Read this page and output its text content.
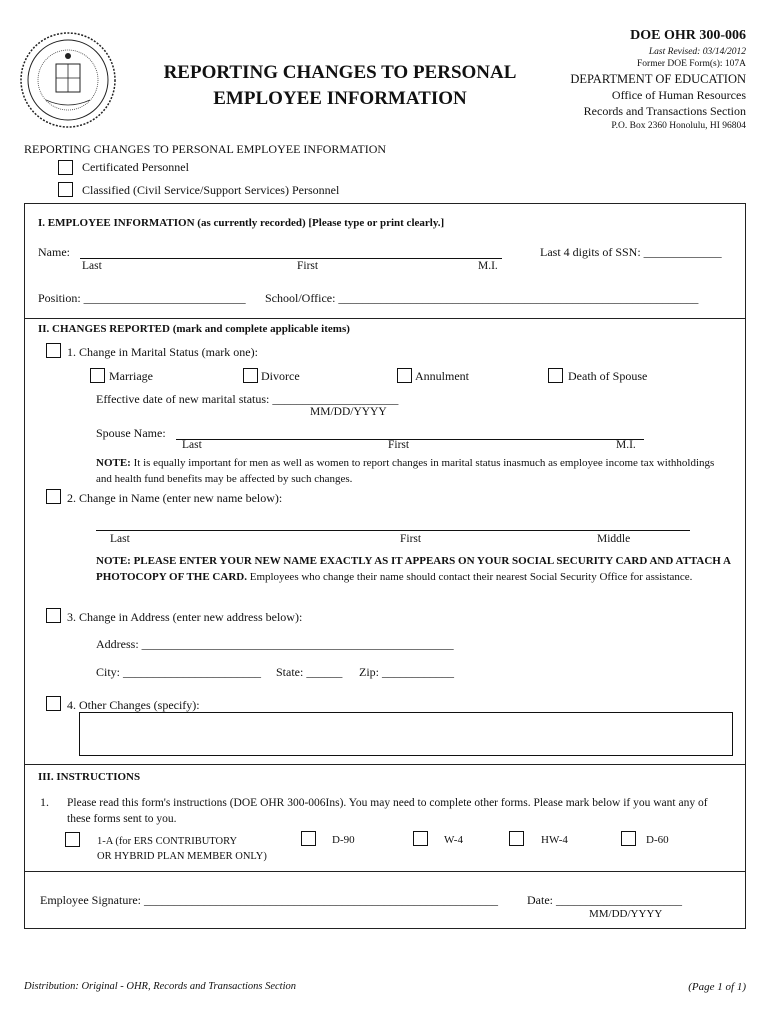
REPORTING CHANGES TO PERSONAL
EMPLOYEE INFORMATION
DOE OHR 300-006
Last Revised: 03/14/2012
Former DOE Form(s): 107A
DEPARTMENT OF EDUCATION
Office of Human Resources
Records and Transactions Section
P.O. Box 2360 Honolulu, HI 96804
REPORTING CHANGES TO PERSONAL EMPLOYEE INFORMATION
Certificated Personnel
Classified (Civil Service/Support Services) Personnel
I. EMPLOYEE INFORMATION (as currently recorded) [Please type or print clearly.]
Name:
Last	First	M.I.
Last 4 digits of SSN: _____________
Position: ___________________________ School/Office: ____________________________________________________________
II. CHANGES REPORTED (mark and complete applicable items)
1. Change in Marital Status (mark one):
Marriage	Divorce	Annulment	Death of Spouse
Effective date of new marital status: _____________________
MM/DD/YYYY
Spouse Name:
Last	First	M.I.
NOTE: It is equally important for men as well as women to report changes in marital status inasmuch as employee income tax withholdings and health fund benefits may be affected by such changes.
2. Change in Name (enter new name below):
Last	First	Middle
NOTE: PLEASE ENTER YOUR NEW NAME EXACTLY AS IT APPEARS ON YOUR SOCIAL SECURITY CARD AND ATTACH A PHOTOCOPY OF THE CARD. Employees who change their name should contact their nearest Social Security Office for assistance.
3. Change in Address (enter new address below):
Address: ____________________________________________________
City: _______________________ State: ______ Zip: ____________
4. Other Changes (specify):
III. INSTRUCTIONS
1. Please read this form's instructions (DOE OHR 300-006Ins). You may need to complete other forms. Please mark below if you want any of these forms sent to you.
1-A (for ERS CONTRIBUTORY
OR HYBRID PLAN MEMBER ONLY)
D-90	W-4	HW-4	D-60
Employee Signature: ___________________________________________________________ Date: _____________________
MM/DD/YYYY
Distribution: Original - OHR, Records and Transactions Section	(Page 1 of 1)
